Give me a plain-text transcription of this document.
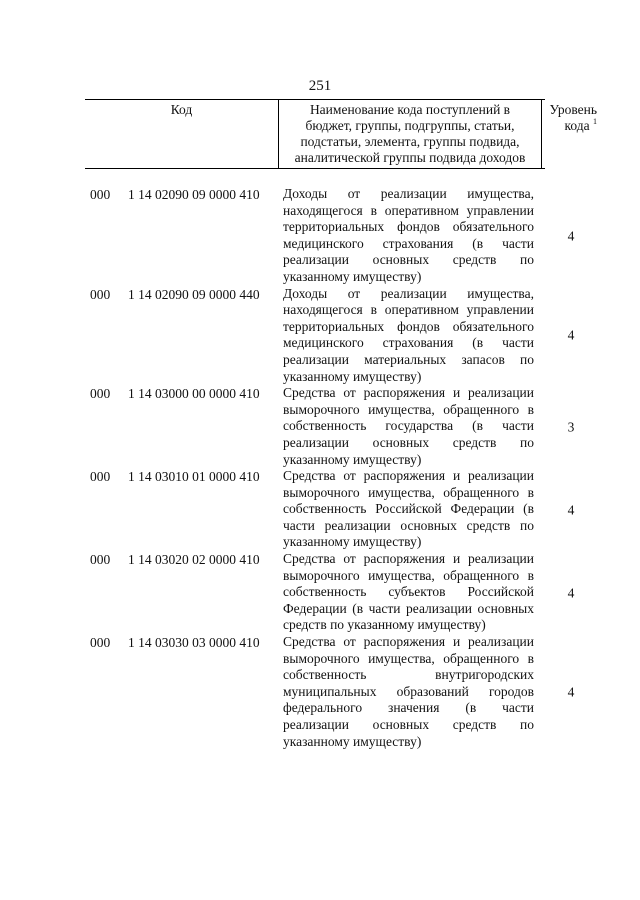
251
Код	Наименование кода поступлений в
бюджет, группы, подгруппы, статьи,
подстатьи, элемента, группы подвида,
аналитической группы подвида доходов
Уровень
кода $^1$
000 1 14 02090 09 0000 410 Доходы от реализации имущества, находящегося в оперативном управлении территориальных фондов обязательного медицинского страхования (в части реализации основных средств по указанному имуществу)
4
000 1 14 02090 09 0000 440 Доходы от реализации имущества, находящегося в оперативном управлении территориальных фондов обязательного медицинского страхования (в части реализации материальных запасов по указанному имуществу)
4
000 1 14 03000 00 0000 410 Средства от распоряжения и реализации выморочного имущества, обращенного в собственность государства (в части реализации основных средств по указанному имуществу)
3
000 1 14 03010 01 0000 410 Средства от распоряжения и реализации выморочного имущества, обращенного в собственность Российской Федерации (в части реализации основных средств по указанному имуществу)
4
000 1 14 03020 02 0000 410 Средства от распоряжения и реализации выморочного имущества, обращенного в собственность субъектов Российской Федерации (в части реализации основных средств по указанному имуществу)
4
000 1 14 03030 03 0000 410 Средства от распоряжения и реализации выморочного имущества, обращенного в собственность внутригородских муниципальных образований городов федерального значения (в части реализации основных средств по указанному имуществу)
4
